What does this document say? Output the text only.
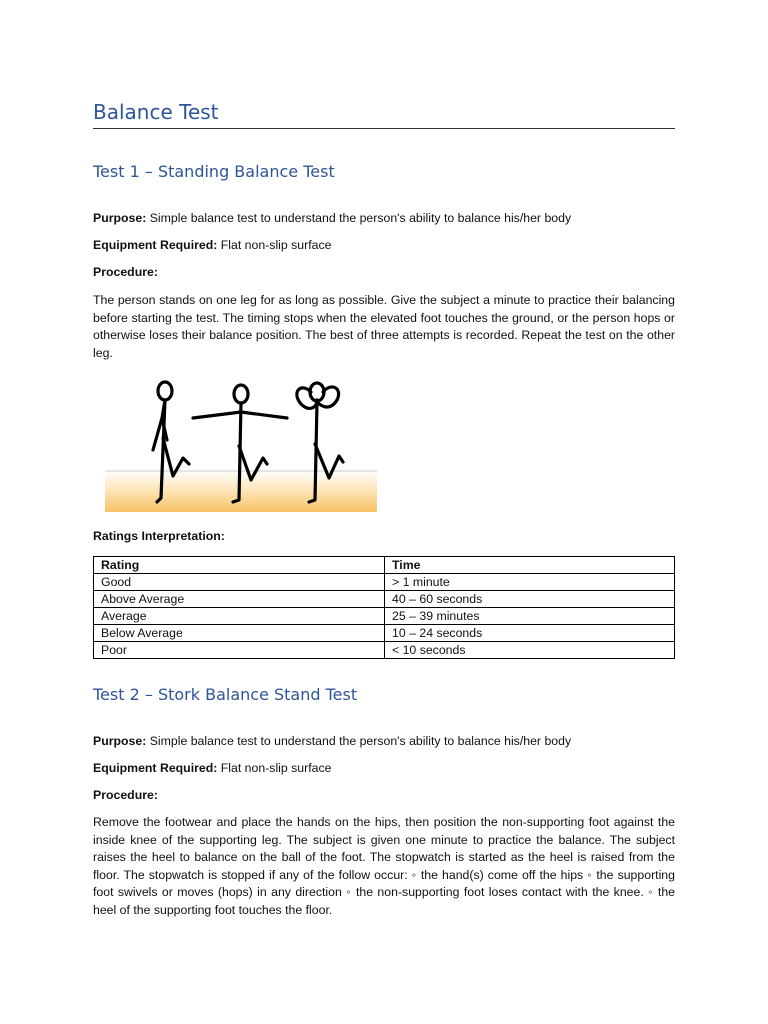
Balance Test
Test 1 – Standing Balance Test

Purpose: Simple balance test to understand the person's ability to balance his/her body

Equipment Required: Flat non-slip surface

Procedure:

The person stands on one leg for as long as possible. Give the subject a minute to practice their balancing before starting the test. The timing stops when the elevated foot touches the ground, or the person hops or otherwise loses their balance position. The best of three attempts is recorded. Repeat the test on the other leg.

Ratings Interpretation:

Rating	Time
Good	> 1 minute
Above Average	40 – 60 seconds
Average	25 – 39 minutes
Below Average	10 – 24 seconds
Poor	< 10 seconds
Test 2 – Stork Balance Stand Test

Purpose: Simple balance test to understand the person's ability to balance his/her body

Equipment Required: Flat non-slip surface

Procedure:

Remove the footwear and place the hands on the hips, then position the non-supporting foot against the inside knee of the supporting leg. The subject is given one minute to practice the balance. The subject raises the heel to balance on the ball of the foot. The stopwatch is started as the heel is raised from the floor. The stopwatch is stopped if any of the follow occur: ◦ the hand(s) come off the hips ◦ the supporting foot swivels or moves (hops) in any direction ◦ the non-supporting foot loses contact with the knee. ◦ the heel of the supporting foot touches the floor.
